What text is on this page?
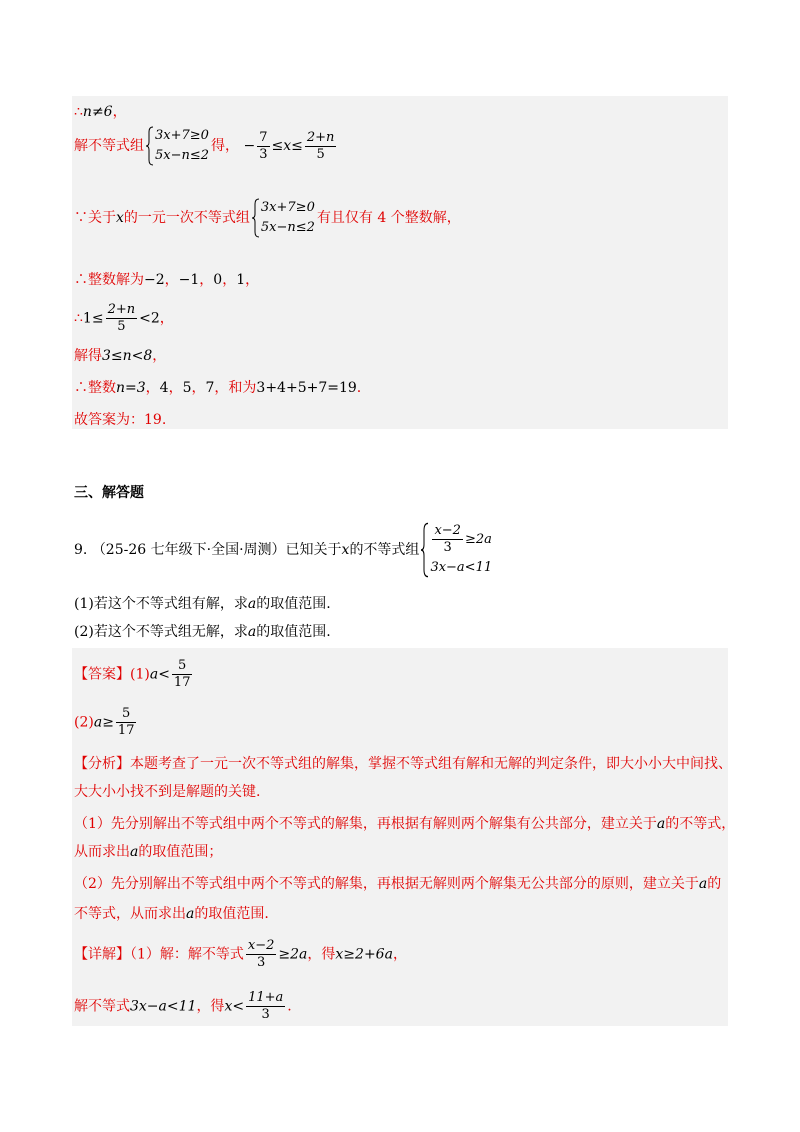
∴n≠6，
解不等式组
3x+7≥0
5x−n≤2
得， − $\frac{7}{3} \le x\le \frac{2+n}{5}$
∵关于x的一元一次不等式组
3x+7≥0
5x−n≤2
有且仅有 4 个整数解，
∴整数解为−2，−1，0，1，
∴1≤ $\frac{2+n}{5} <2$，
解得3≤n<8，
∴整数n=3，4，5，7，和为3+4+5+7=19.
故答案为：19.
三、解答题
9. （25-26 七年级下·全国·周测）已知关于x的不等式组 $\frac{x-2}{3} \ge 2a$
3x−a<11
(1)若这个不等式组有解，求a的取值范围.
(2)若这个不等式组无解，求a的取值范围.
【答案】$(1)a< \frac{5}{17}$
$(2)a\ge \frac{5}{17}$
【分析】本题考查了一元一次不等式组的解集，掌握不等式组有解和无解的判定条件，即大小小大中间找、
大大小小找不到是解题的关键.
（1）先分别解出不等式组中两个不等式的解集，再根据有解则两个解集有公共部分，建立关于a的不等式，
从而求出a的取值范围；
（2）先分别解出不等式组中两个不等式的解集，再根据无解则两个解集无公共部分的原则，建立关于a的
不等式，从而求出a的取值范围.
【详解】（1）解：解不等式 $\frac{x-2}{3} \ge 2a$，得x≥2+6a，
解不等式3x−a<11，得$x< \frac{11+a}{3}$ .
